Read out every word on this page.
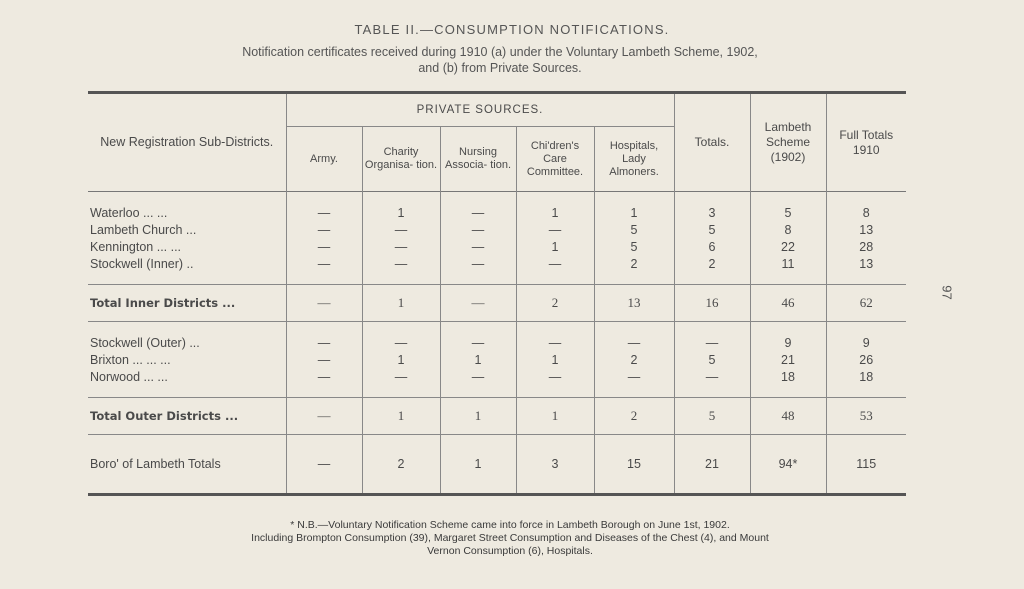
TABLE II.—CONSUMPTION NOTIFICATIONS.
Notification certificates received during 1910 (a) under the Voluntary Lambeth Scheme, 1902,
and (b) from Private Sources.
97
New Registration Sub-Districts.	PRIVATE SOURCES.					Totals.	Lambeth Scheme (1902)	Full Totals 1910
	Army.	Charity Organisa- tion.	Nursing Associa- tion.	Chi'dren's Care Committee.	Hospitals, Lady Almoners.			

Waterloo ... ...	—	1	—	1	1	3	5	8
Lambeth Church ...	—	—	—	—	5	5	8	13
Kennington ... ...	—	—	—	1	5	6	22	28
Stockwell (Inner) ..	—	—	—	—	2	2	11	13

Total Inner Districts ...	—	1	—	2	13	16	46	62

Stockwell (Outer) ...	—	—	—	—	—	—	9	9
Brixton ... ... ...	—	1	1	1	2	5	21	26
Norwood ... ...	—	—	—	—	—	—	18	18

Total Outer Districts ...	—	1	1	1	2	5	48	53
Boro' of Lambeth Totals	—	2	1	3	15	21	94*	115
* N.B.—Voluntary Notification Scheme came into force in Lambeth Borough on June 1st, 1902.
Including Brompton Consumption (39), Margaret Street Consumption and Diseases of the Chest (4), and Mount
Vernon Consumption (6), Hospitals.
